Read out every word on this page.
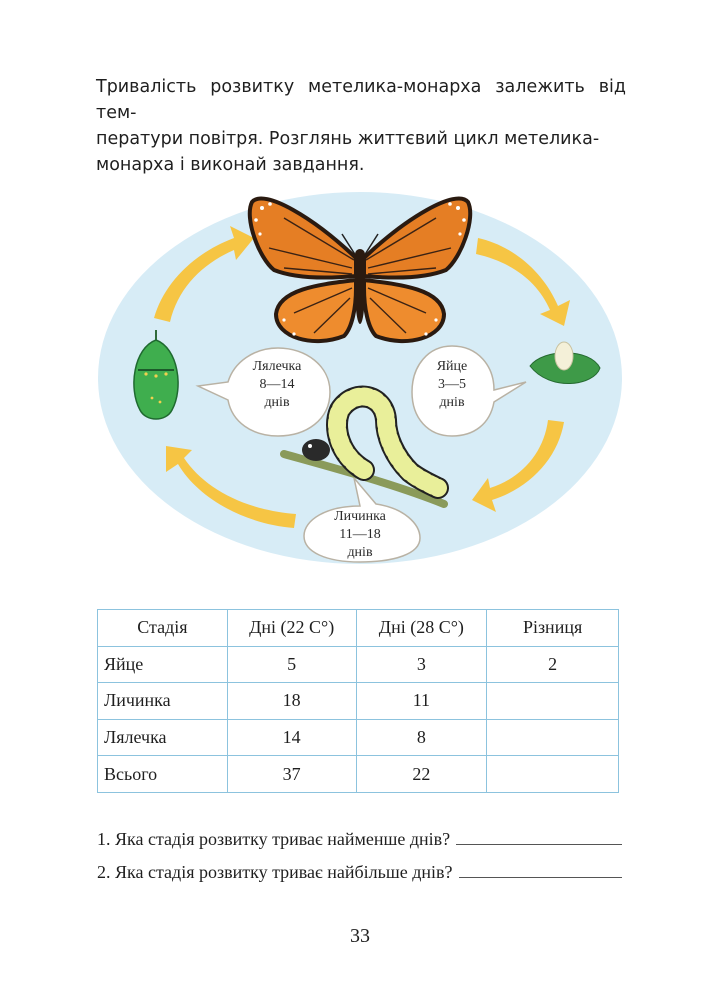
Тривалість розвитку метелика-монарха залежить від тем-
ператури повітря. Розглянь життєвий цикл метелика-
монарха і виконай завдання.
Лялечка
8—14
днів
Яйце
3—5
днів
Личинка
11—18
днів
Стадія	Дні (22 С°)	Дні (28 С°)	Різниця
Яйце	5	3	2
Личинка	18	11	
Лялечка	14	8	
Всього	37	22	
1. Яка стадія розвитку триває найменше днів?
2. Яка стадія розвитку триває найбільше днів?
33
